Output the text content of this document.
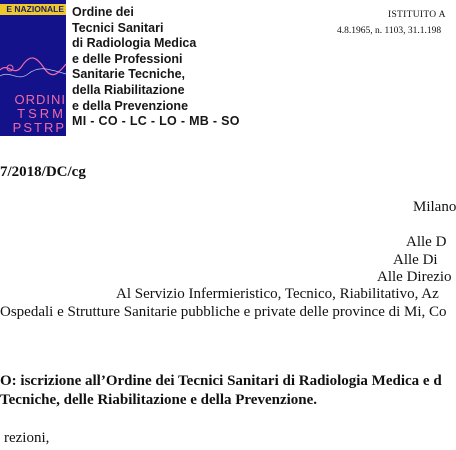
E NAZIONALE
ORDINI
TSRM
PSTRP
Ordine dei
Tecnici Sanitari
di Radiologia Medica
e delle Professioni
Sanitarie Tecniche,
della Riabilitazione
e della Prevenzione
MI - CO - LC - LO - MB - SO
ISTITUITO A
4.8.1965, n. 1103, 31.1.198
7/2018/DC/cg
Milano
Alle D
Alle Di
Alle Direzio
Al Servizio Infermieristico, Tecnico, Riabilitativo, Az
Ospedali e Strutture Sanitarie pubbliche e private delle province di Mi, Co
O: iscrizione all’Ordine dei Tecnici Sanitari di Radiologia Medica e d
Tecniche, delle Riabilitazione e della Prevenzione.
rezioni,
